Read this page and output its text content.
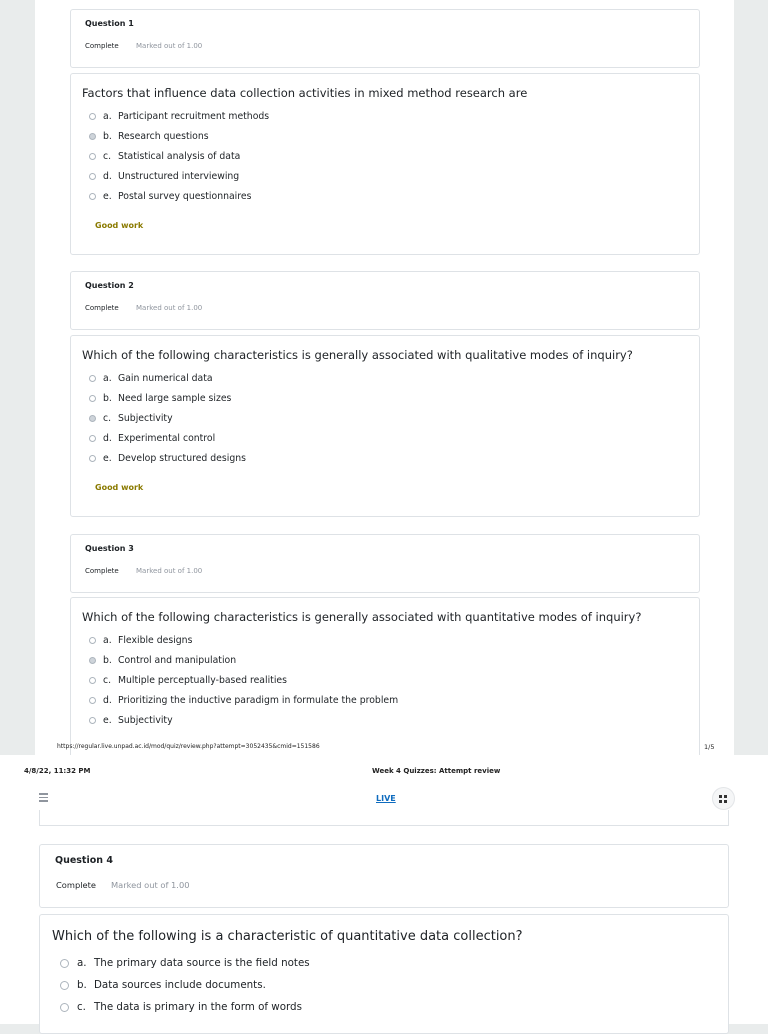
Question 1
Complete Marked out of 1.00
Factors that influence data collection activities in mixed method research are
a. Participant recruitment methods
b. Research questions
c. Statistical analysis of data
d. Unstructured interviewing
e. Postal survey questionnaires
Good work
Question 2
Complete Marked out of 1.00
Which of the following characteristics is generally associated with qualitative modes of inquiry?
a. Gain numerical data
b. Need large sample sizes
c. Subjectivity
d. Experimental control
e. Develop structured designs
Good work
Question 3
Complete Marked out of 1.00
Which of the following characteristics is generally associated with quantitative modes of inquiry?
a. Flexible designs
b. Control and manipulation
c. Multiple perceptually-based realities
d. Prioritizing the inductive paradigm in formulate the problem
e. Subjectivity
https://regular.live.unpad.ac.id/mod/quiz/review.php?attempt=3052435&cmid=151586	1/5
4/8/22, 11:32 PM	Week 4 Quizzes: Attempt review
LIVE
Question 4
Complete Marked out of 1.00
Which of the following is a characteristic of quantitative data collection?
a. The primary data source is the field notes
b. Data sources include documents.
c. The data is primary in the form of words
